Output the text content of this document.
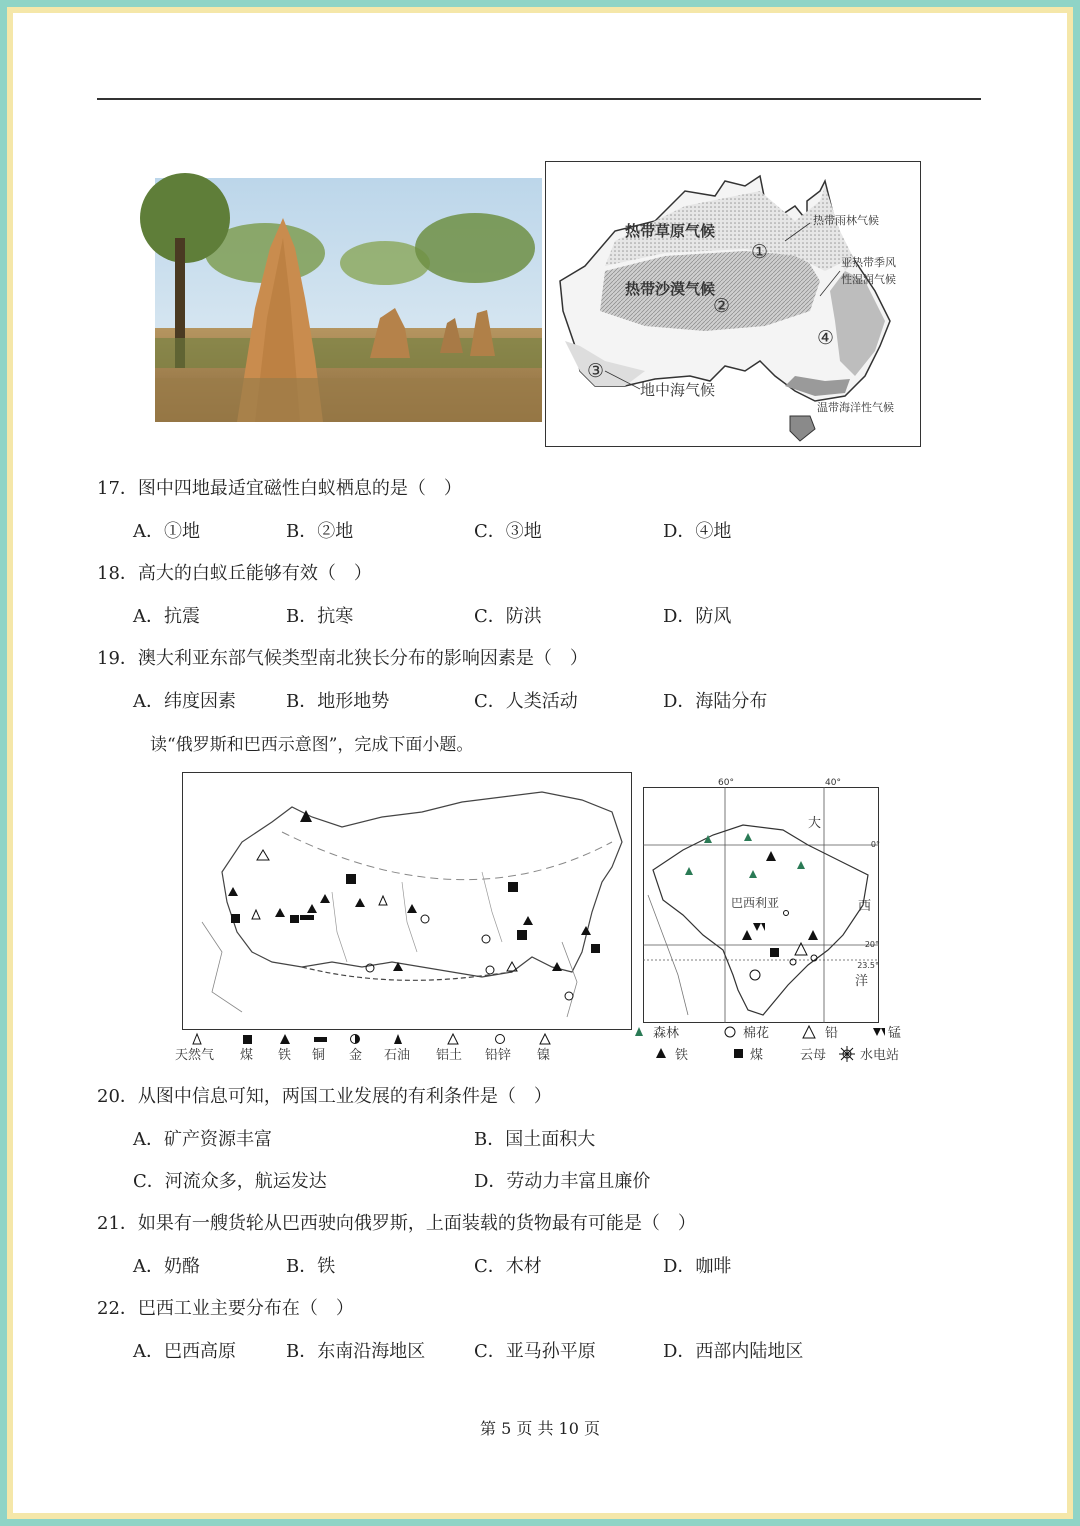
热带草原气候
热带沙漠气候
热带雨林气候
亚热带季风
性湿润气候
地中海气候
温带海洋性气候
①
②
③
④
17．图中四地最适宜磁性白蚁栖息的是（　）
A．①地	B．②地	C．③地	D．④地
18．高大的白蚁丘能够有效（　）
A．抗震	B．抗寒	C．防洪	D．防风
19．澳大利亚东部气候类型南北狭长分布的影响因素是（　）
A．纬度因素	B．地形地势	C．人类活动	D．海陆分布
读“俄罗斯和巴西示意图”，完成下面小题。
天然气 煤 铁 铜 金 石油 铝土 铅锌 镍
60°	40°
0°
20°
23.5°
巴西利亚
大
西
洋
森林	棉花	铅	锰
铁	煤	云母	水电站
20．从图中信息可知，两国工业发展的有利条件是（　）
A．矿产资源丰富	B．国土面积大
C．河流众多，航运发达	D．劳动力丰富且廉价
21．如果有一艘货轮从巴西驶向俄罗斯，上面装载的货物最有可能是（　）
A．奶酪	B．铁	C．木材	D．咖啡
22．巴西工业主要分布在（　）
A．巴西高原	B．东南沿海地区	C．亚马孙平原	D．西部内陆地区
第 5 页 共 10 页
